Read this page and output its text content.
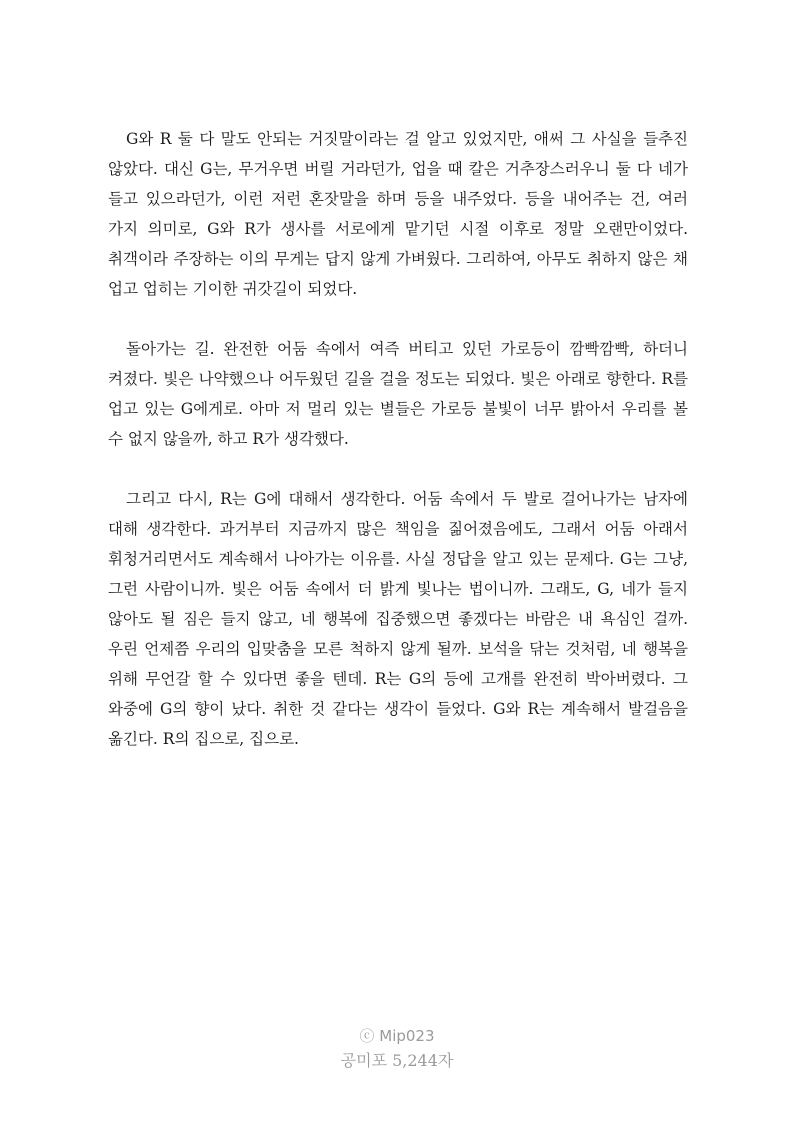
G와 R 둘 다 말도 안되는 거짓말이라는 걸 알고 있었지만, 애써 그 사실을 들추진 않았다. 대신 G는, 무거우면 버릴 거라던가, 업을 때 칼은 거추장스러우니 둘 다 네가 들고 있으라던가, 이런 저런 혼잣말을 하며 등을 내주었다. 등을 내어주는 건, 여러 가지 의미로, G와 R가 생사를 서로에게 맡기던 시절 이후로 정말 오랜만이었다. 취객이라 주장하는 이의 무게는 답지 않게 가벼웠다. 그리하여, 아무도 취하지 않은 채 업고 업히는 기이한 귀갓길이 되었다.

돌아가는 길. 완전한 어둠 속에서 여즉 버티고 있던 가로등이 깜빡깜빡, 하더니 켜졌다. 빛은 나약했으나 어두웠던 길을 걸을 정도는 되었다. 빛은 아래로 향한다. R를 업고 있는 G에게로. 아마 저 멀리 있는 별들은 가로등 불빛이 너무 밝아서 우리를 볼 수 없지 않을까, 하고 R가 생각했다.

그리고 다시, R는 G에 대해서 생각한다. 어둠 속에서 두 발로 걸어나가는 남자에 대해 생각한다. 과거부터 지금까지 많은 책임을 짊어졌음에도, 그래서 어둠 아래서 휘청거리면서도 계속해서 나아가는 이유를. 사실 정답을 알고 있는 문제다. G는 그냥, 그런 사람이니까. 빛은 어둠 속에서 더 밝게 빛나는 법이니까. 그래도, G, 네가 들지 않아도 될 짐은 들지 않고, 네 행복에 집중했으면 좋겠다는 바람은 내 욕심인 걸까. 우린 언제쯤 우리의 입맞춤을 모른 척하지 않게 될까. 보석을 닦는 것처럼, 네 행복을 위해 무언갈 할 수 있다면 좋을 텐데. R는 G의 등에 고개를 완전히 박아버렸다. 그 와중에 G의 향이 났다. 취한 것 같다는 생각이 들었다. G와 R는 계속해서 발걸음을 옮긴다. R의 집으로, 집으로.

ⓒ Mip023
공미포 5,244자
